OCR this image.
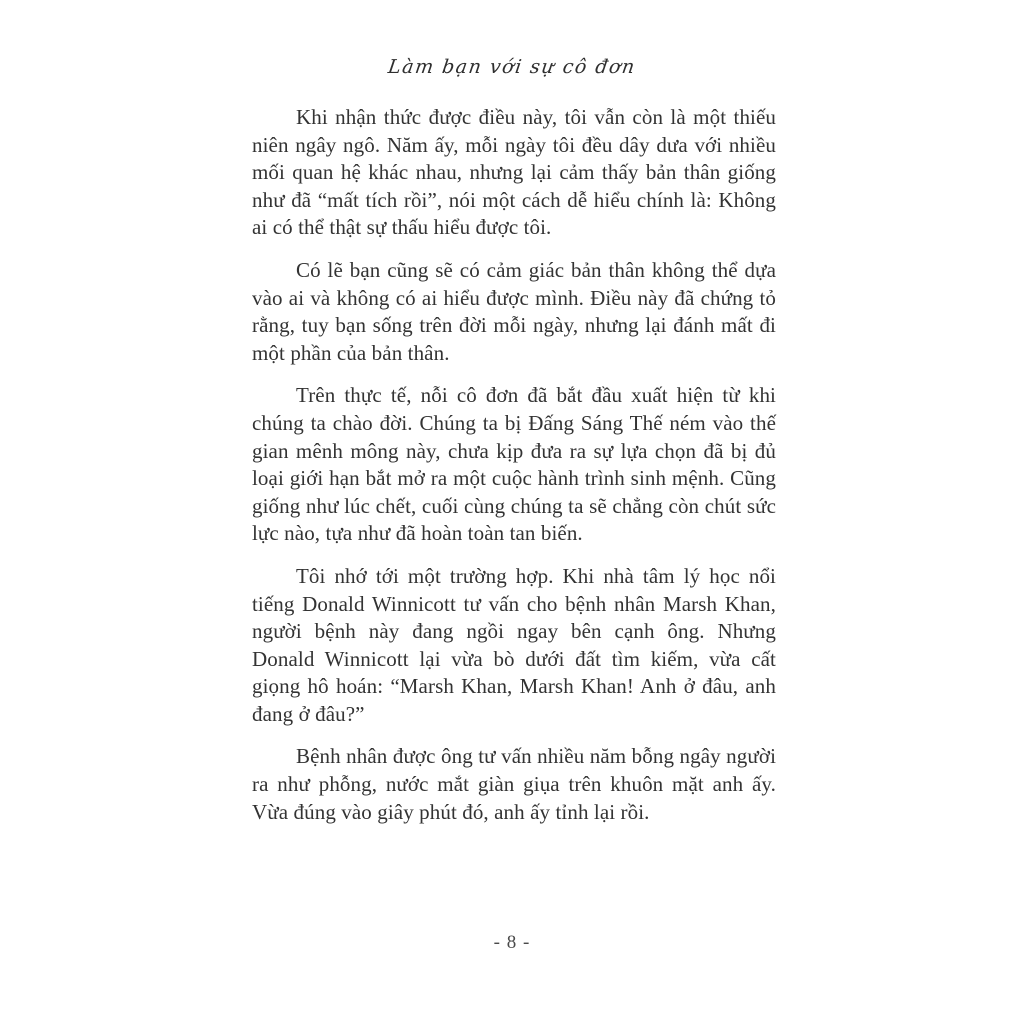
Làm bạn với sự cô đơn

Khi nhận thức được điều này, tôi vẫn còn là một thiếu niên ngây ngô. Năm ấy, mỗi ngày tôi đều dây dưa với nhiều mối quan hệ khác nhau, nhưng lại cảm thấy bản thân giống như đã “mất tích rồi”, nói một cách dễ hiểu chính là: Không ai có thể thật sự thấu hiểu được tôi.

Có lẽ bạn cũng sẽ có cảm giác bản thân không thể dựa vào ai và không có ai hiểu được mình. Điều này đã chứng tỏ rằng, tuy bạn sống trên đời mỗi ngày, nhưng lại đánh mất đi một phần của bản thân.

Trên thực tế, nỗi cô đơn đã bắt đầu xuất hiện từ khi chúng ta chào đời. Chúng ta bị Đấng Sáng Thế ném vào thế gian mênh mông này, chưa kịp đưa ra sự lựa chọn đã bị đủ loại giới hạn bắt mở ra một cuộc hành trình sinh mệnh. Cũng giống như lúc chết, cuối cùng chúng ta sẽ chẳng còn chút sức lực nào, tựa như đã hoàn toàn tan biến.

Tôi nhớ tới một trường hợp. Khi nhà tâm lý học nổi tiếng Donald Winnicott tư vấn cho bệnh nhân Marsh Khan, người bệnh này đang ngồi ngay bên cạnh ông. Nhưng Donald Winnicott lại vừa bò dưới đất tìm kiếm, vừa cất giọng hô hoán: “Marsh Khan, Marsh Khan! Anh ở đâu, anh đang ở đâu?”

Bệnh nhân được ông tư vấn nhiều năm bỗng ngây người ra như phỗng, nước mắt giàn giụa trên khuôn mặt anh ấy. Vừa đúng vào giây phút đó, anh ấy tỉnh lại rồi.

- 8 -
